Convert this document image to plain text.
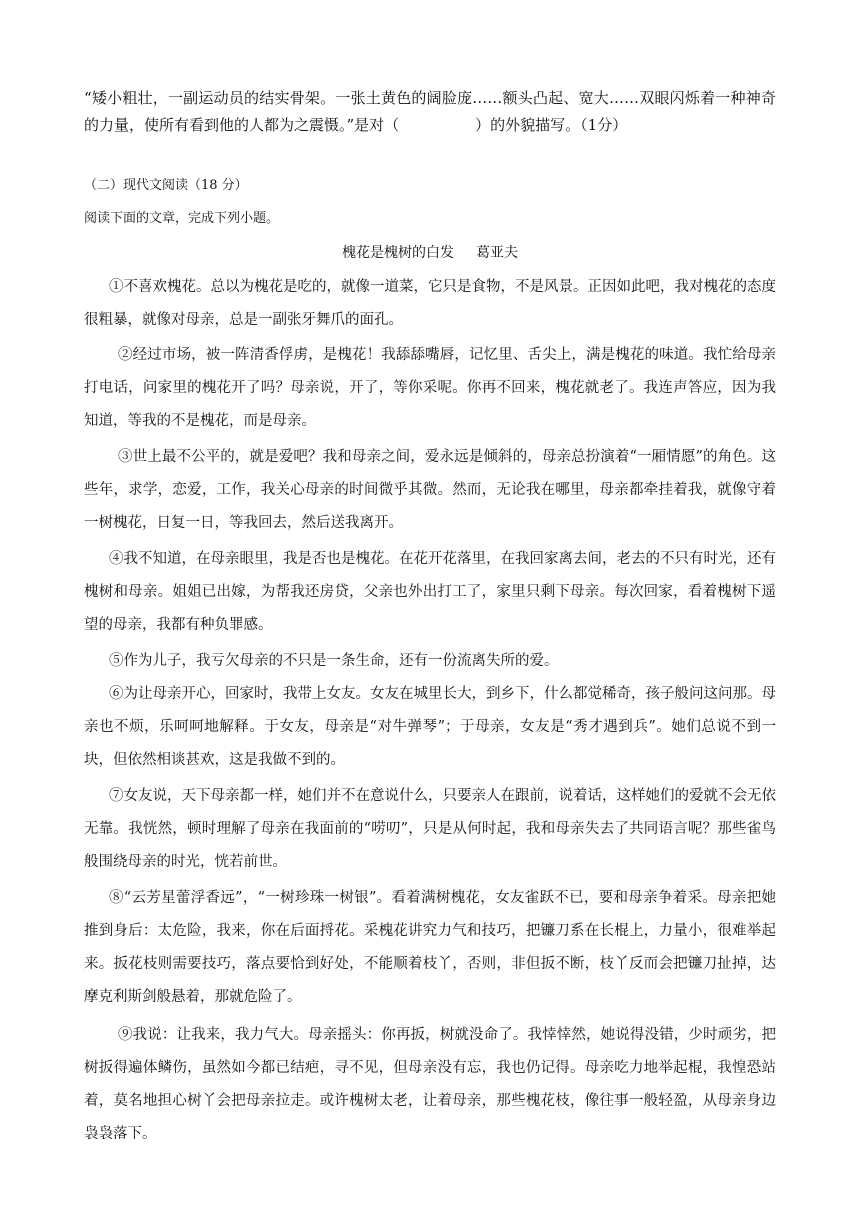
“矮小粗壮，一副运动员的结实骨架。一张土黄色的阔脸庞……额头凸起、宽大……双眼闪烁着一种神奇的力量，使所有看到他的人都为之震慑。”是对（	）的外貌描写。（1分）

（二）现代文阅读（18 分）

阅读下面的文章，完成下列小题。

槐花是槐树的白发 葛亚夫

①不喜欢槐花。总以为槐花是吃的，就像一道菜，它只是食物，不是风景。正因如此吧，我对槐花的态度很粗暴，就像对母亲，总是一副张牙舞爪的面孔。

②经过市场，被一阵清香俘虏，是槐花！我舔舔嘴唇，记忆里、舌尖上，满是槐花的味道。我忙给母亲打电话，问家里的槐花开了吗？母亲说，开了，等你采呢。你再不回来，槐花就老了。我连声答应，因为我知道，等我的不是槐花，而是母亲。

③世上最不公平的，就是爱吧？我和母亲之间，爱永远是倾斜的，母亲总扮演着“一厢情愿”的角色。这些年，求学，恋爱，工作，我关心母亲的时间微乎其微。然而，无论我在哪里，母亲都牵挂着我，就像守着一树槐花，日复一日，等我回去，然后送我离开。

④我不知道，在母亲眼里，我是否也是槐花。在花开花落里，在我回家离去间，老去的不只有时光，还有槐树和母亲。姐姐已出嫁，为帮我还房贷，父亲也外出打工了，家里只剩下母亲。每次回家，看着槐树下遥望的母亲，我都有种负罪感。

⑤作为儿子，我亏欠母亲的不只是一条生命，还有一份流离失所的爱。

⑥为让母亲开心，回家时，我带上女友。女友在城里长大，到乡下，什么都觉稀奇，孩子般问这问那。母亲也不烦，乐呵呵地解释。于女友，母亲是“对牛弹琴”；于母亲，女友是“秀才遇到兵”。她们总说不到一块，但依然相谈甚欢，这是我做不到的。

⑦女友说，天下母亲都一样，她们并不在意说什么，只要亲人在跟前，说着话，这样她们的爱就不会无依无靠。我恍然，顿时理解了母亲在我面前的“唠叨”，只是从何时起，我和母亲失去了共同语言呢？那些雀鸟般围绕母亲的时光，恍若前世。

⑧“云芳星蕾浮香远”，“一树珍珠一树银”。看着满树槐花，女友雀跃不已，要和母亲争着采。母亲把她推到身后：太危险，我来，你在后面捋花。采槐花讲究力气和技巧，把镰刀系在长棍上，力量小，很难举起来。扳花枝则需要技巧，落点要恰到好处，不能顺着枝丫，否则，非但扳不断，枝丫反而会把镰刀扯掉，达摩克利斯剑般悬着，那就危险了。

⑨我说：让我来，我力气大。母亲摇头：你再扳，树就没命了。我悻悻然，她说得没错，少时顽劣，把树扳得遍体鳞伤，虽然如今都已结疤，寻不见，但母亲没有忘，我也仍记得。母亲吃力地举起棍，我惶恐站着，莫名地担心树丫会把母亲拉走。或许槐树太老，让着母亲，那些槐花枝，像往事一般轻盈，从母亲身边袅袅落下。
